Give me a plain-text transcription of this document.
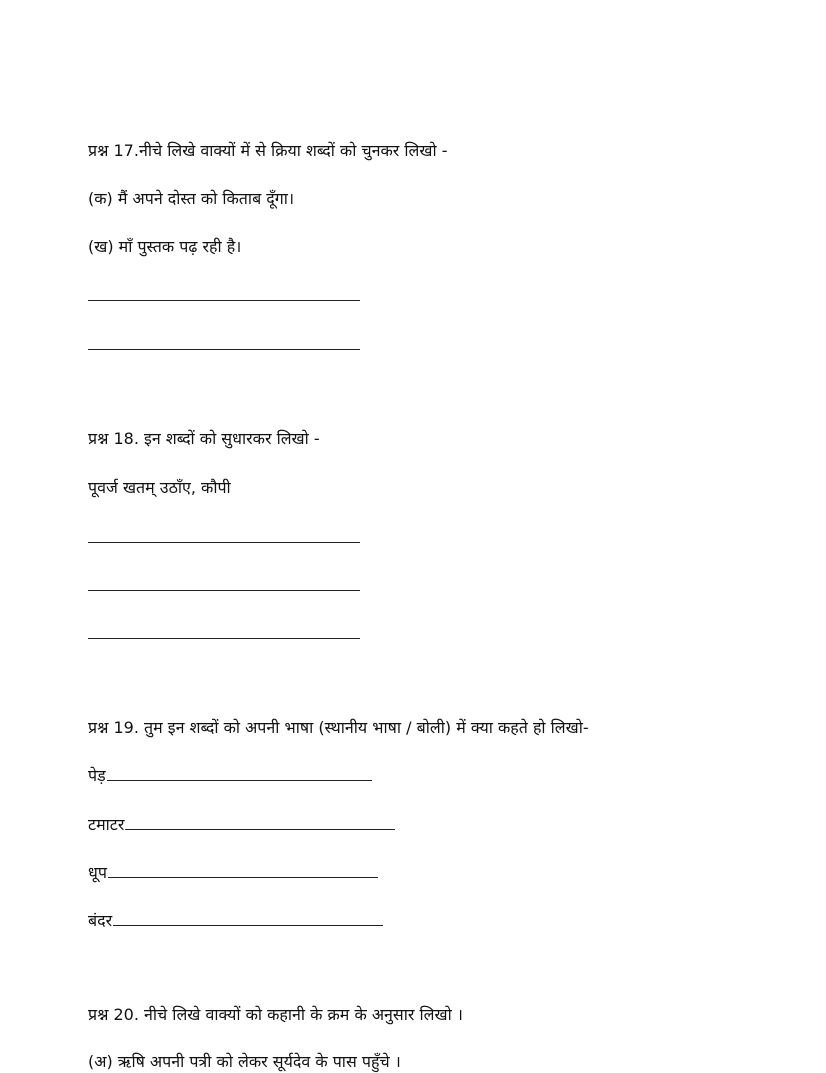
प्रश्न 17.नीचे लिखे वाक्यों में से क्रिया शब्दों को चुनकर लिखो -
(क) मैं अपने दोस्त को किताब दूँगा।
(ख) माँ पुस्तक पढ़ रही है।
प्रश्न 18. इन शब्दों को सुधारकर लिखो -
पूवर्ज खतम् उठाँए, कौपी
प्रश्न 19. तुम इन शब्दों को अपनी भाषा (स्थानीय भाषा / बोली) में क्या कहते हो लिखो-
पेड़
टमाटर
धूप
बंदर
प्रश्न 20. नीचे लिखे वाक्यों को कहानी के क्रम के अनुसार लिखो ।
(अ) ऋषि अपनी पत्री को लेकर सूर्यदेव के पास पहुँचे ।
